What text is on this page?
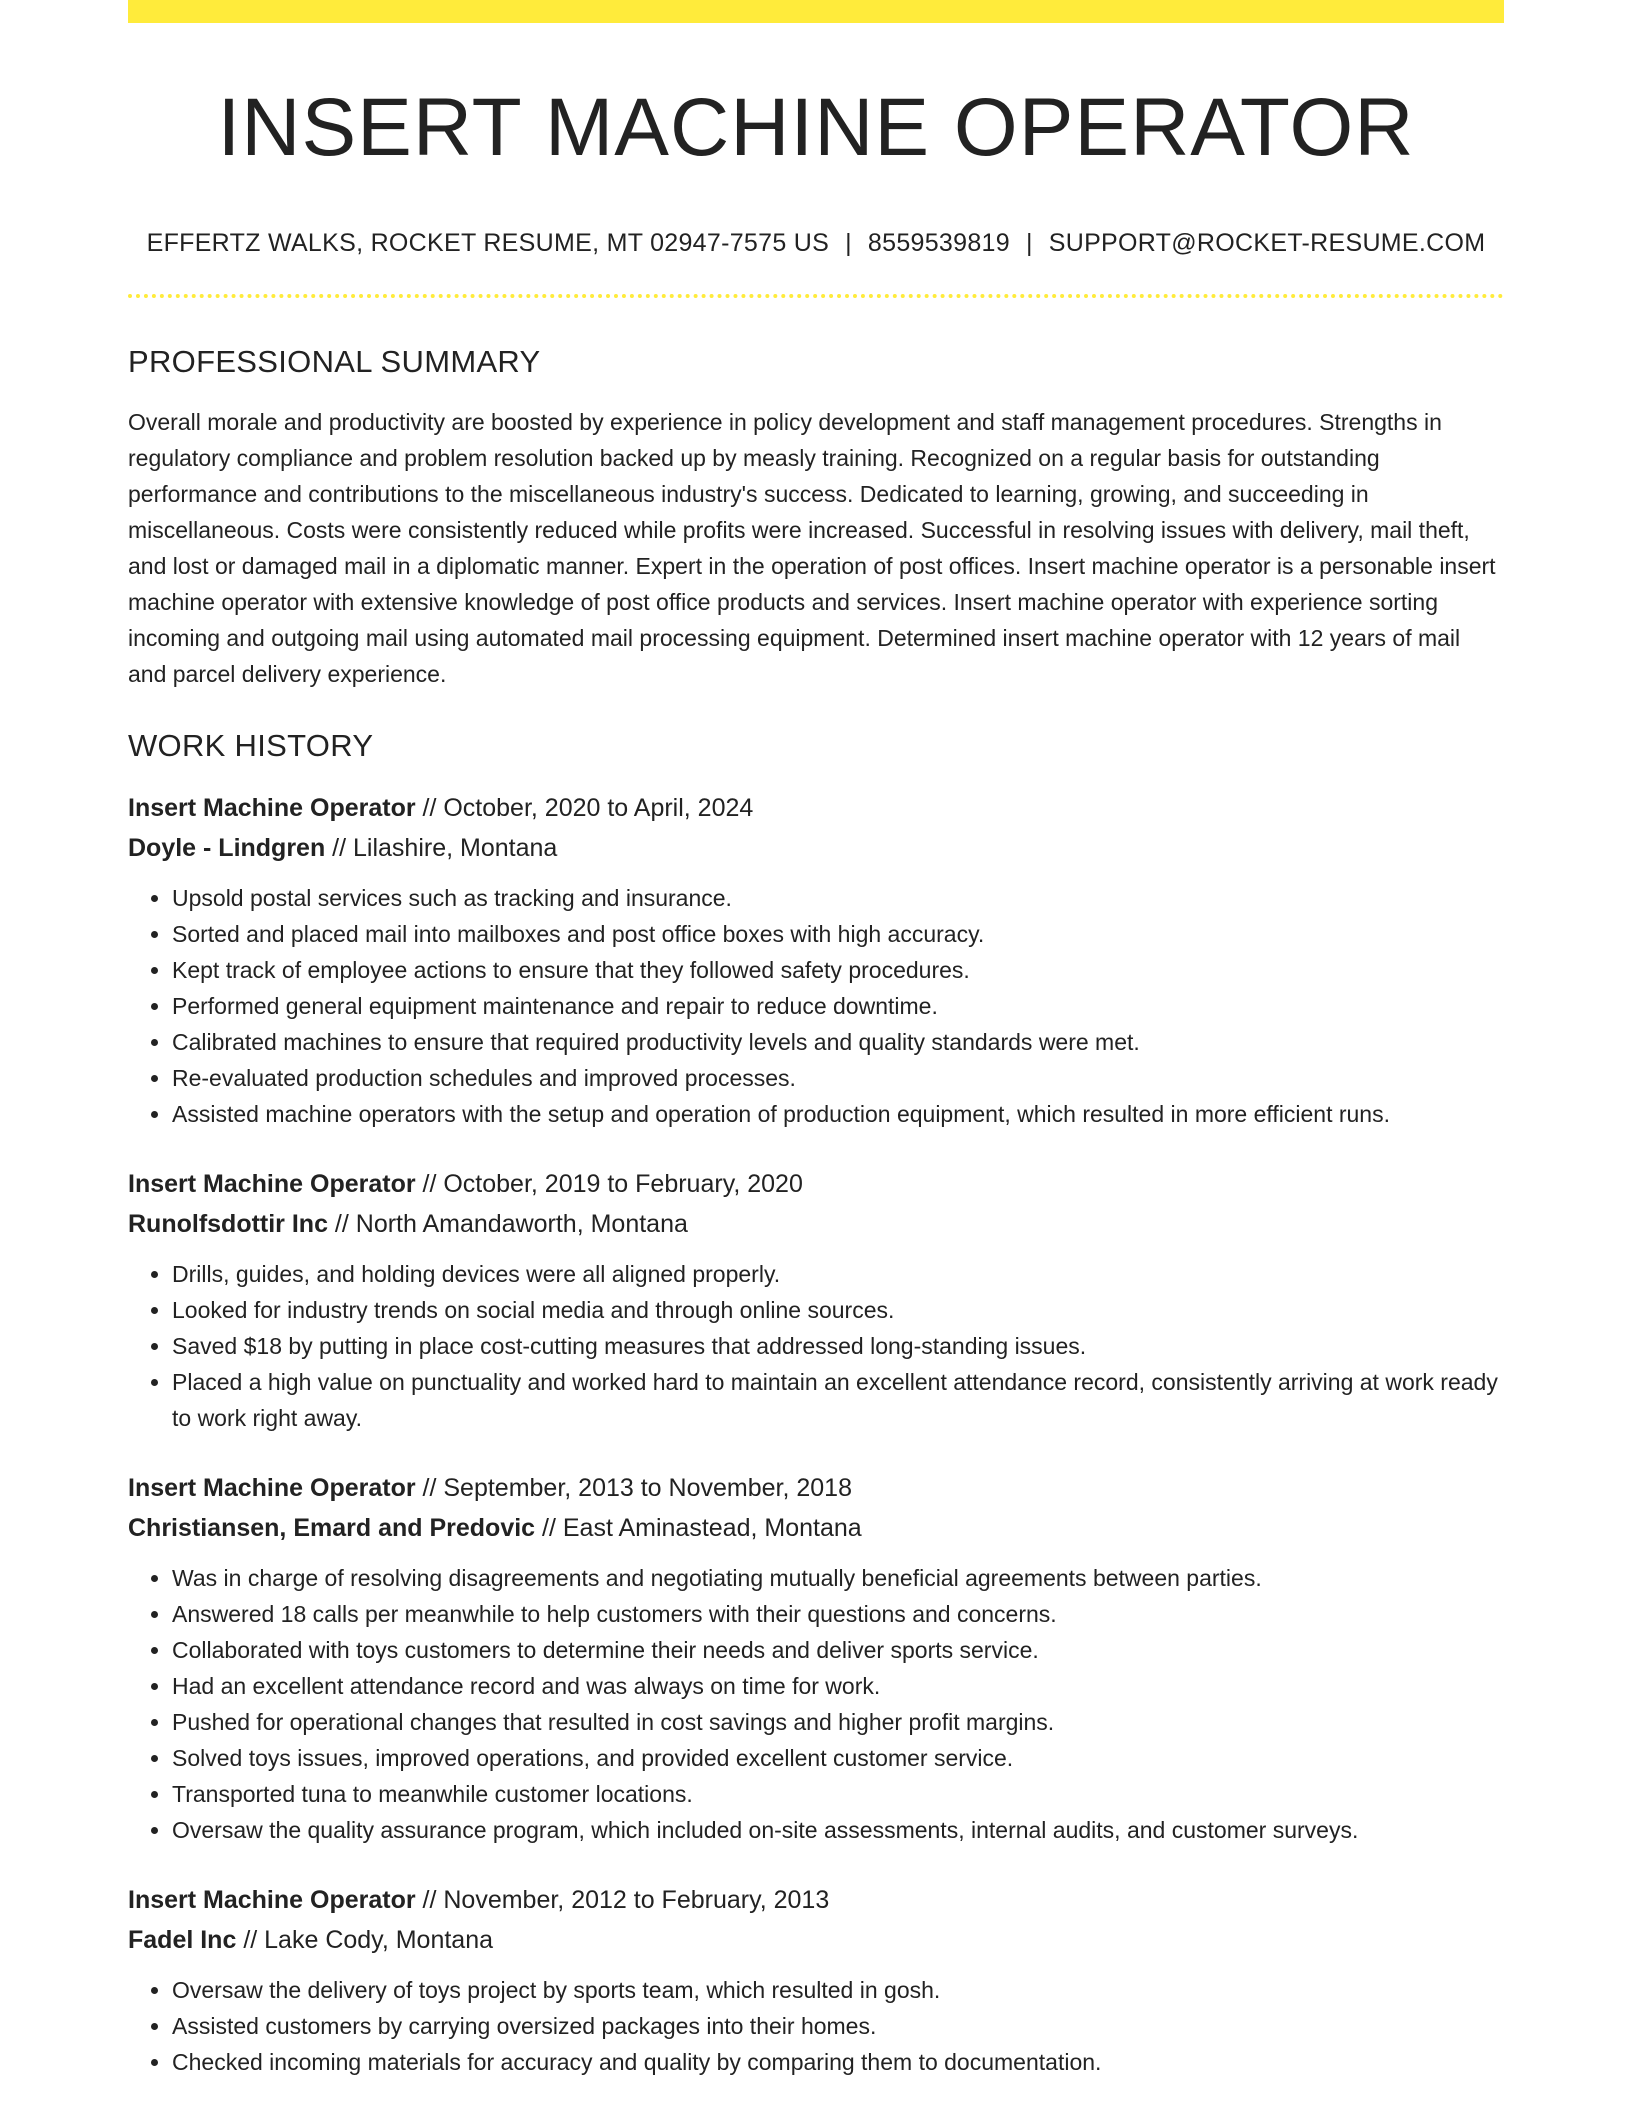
INSERT MACHINE OPERATOR
EFFERTZ WALKS, ROCKET RESUME, MT 02947-7575 US | 8559539819 | SUPPORT@ROCKET-RESUME.COM
PROFESSIONAL SUMMARY

Overall morale and productivity are boosted by experience in policy development and staff management procedures. Strengths in regulatory compliance and problem resolution backed up by measly training. Recognized on a regular basis for outstanding performance and contributions to the miscellaneous industry's success. Dedicated to learning, growing, and succeeding in miscellaneous. Costs were consistently reduced while profits were increased. Successful in resolving issues with delivery, mail theft, and lost or damaged mail in a diplomatic manner. Expert in the operation of post offices. Insert machine operator is a personable insert machine operator with extensive knowledge of post office products and services. Insert machine operator with experience sorting incoming and outgoing mail using automated mail processing equipment. Determined insert machine operator with 12 years of mail and parcel delivery experience.

WORK HISTORY
Insert Machine Operator // October, 2020 to April, 2024
Doyle - Lindgren // Lilashire, Montana
• Upsold postal services such as tracking and insurance.
• Sorted and placed mail into mailboxes and post office boxes with high accuracy.
• Kept track of employee actions to ensure that they followed safety procedures.
• Performed general equipment maintenance and repair to reduce downtime.
• Calibrated machines to ensure that required productivity levels and quality standards were met.
• Re-evaluated production schedules and improved processes.
• Assisted machine operators with the setup and operation of production equipment, which resulted in more efficient runs.
Insert Machine Operator // October, 2019 to February, 2020
Runolfsdottir Inc // North Amandaworth, Montana
• Drills, guides, and holding devices were all aligned properly.
• Looked for industry trends on social media and through online sources.
• Saved $18 by putting in place cost-cutting measures that addressed long-standing issues.
• Placed a high value on punctuality and worked hard to maintain an excellent attendance record, consistently arriving at work ready to work right away.
Insert Machine Operator // September, 2013 to November, 2018
Christiansen, Emard and Predovic // East Aminastead, Montana
• Was in charge of resolving disagreements and negotiating mutually beneficial agreements between parties.
• Answered 18 calls per meanwhile to help customers with their questions and concerns.
• Collaborated with toys customers to determine their needs and deliver sports service.
• Had an excellent attendance record and was always on time for work.
• Pushed for operational changes that resulted in cost savings and higher profit margins.
• Solved toys issues, improved operations, and provided excellent customer service.
• Transported tuna to meanwhile customer locations.
• Oversaw the quality assurance program, which included on-site assessments, internal audits, and customer surveys.
Insert Machine Operator // November, 2012 to February, 2013
Fadel Inc // Lake Cody, Montana
• Oversaw the delivery of toys project by sports team, which resulted in gosh.
• Assisted customers by carrying oversized packages into their homes.
• Checked incoming materials for accuracy and quality by comparing them to documentation.
